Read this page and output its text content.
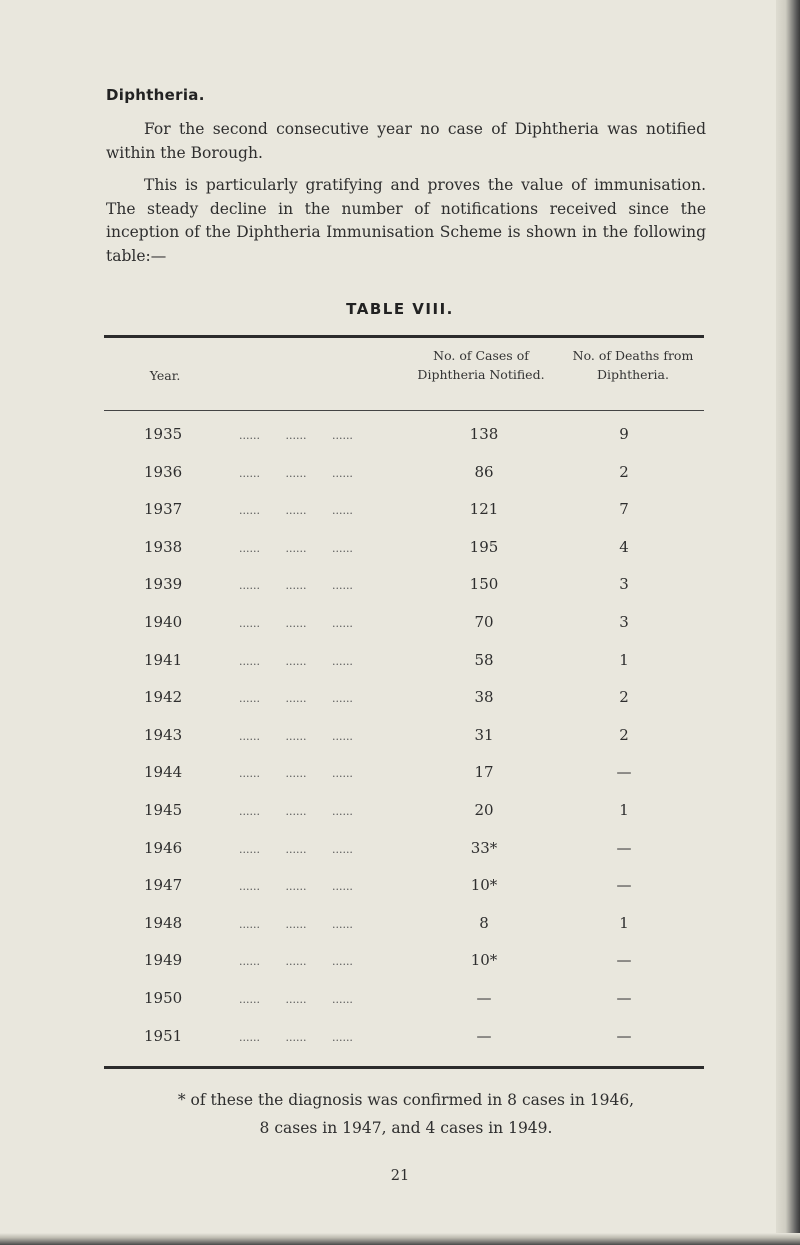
Diphtheria.

For the second consecutive year no case of Diphtheria was notified within the Borough.

This is particularly gratifying and proves the value of immunisation. The steady decline in the number of notifications received since the inception of the Diphtheria Immunisation Scheme is shown in the following table:—

TABLE VIII.
Year.
No. of Cases of Diphtheria Notified.
No. of Deaths from Diphtheria.
1935	...... ...... ......	138	9
1936	...... ...... ......	86	2
1937	...... ...... ......	121	7
1938	...... ...... ......	195	4
1939	...... ...... ......	150	3
1940	...... ...... ......	70	3
1941	...... ...... ......	58	1
1942	...... ...... ......	38	2
1943	...... ...... ......	31	2
1944	...... ...... ......	17	—
1945	...... ...... ......	20	1
1946	...... ...... ......	33*	—
1947	...... ...... ......	10*	—
1948	...... ...... ......	8	1
1949	...... ...... ......	10*	—
1950	...... ...... ......	—	—
1951	...... ...... ......	—	—
* of these the diagnosis was confirmed in 8 cases in 1946,
8 cases in 1947, and 4 cases in 1949.
21
